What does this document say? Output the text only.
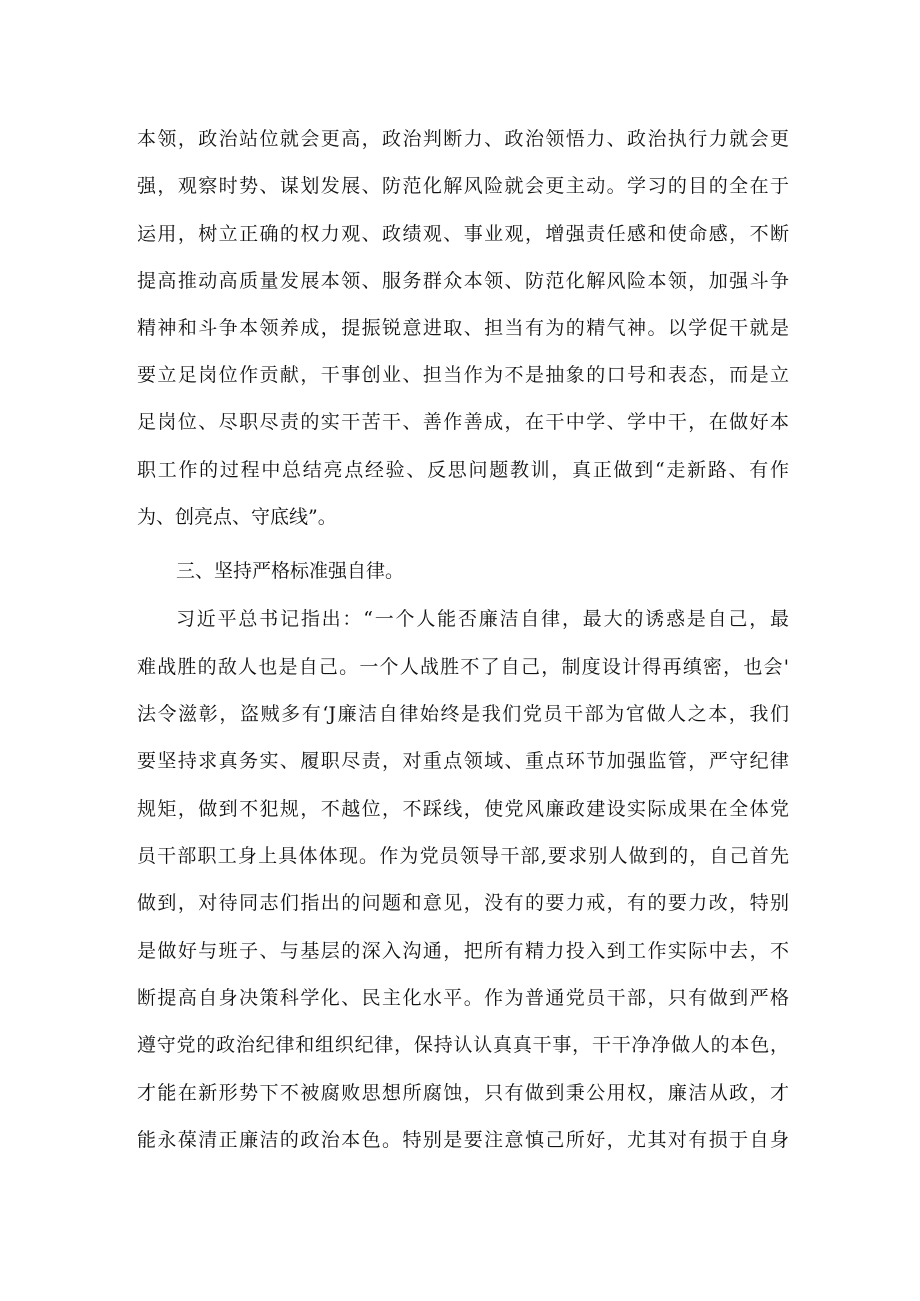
本领，政治站位就会更高，政治判断力、政治领悟力、政治执行力就会更
强，观察时势、谋划发展、防范化解风险就会更主动。学习的目的全在于
运用，树立正确的权力观、政绩观、事业观，增强责任感和使命感，不断
提高推动高质量发展本领、服务群众本领、防范化解风险本领，加强斗争
精神和斗争本领养成，提振锐意进取、担当有为的精气神。以学促干就是
要立足岗位作贡献，干事创业、担当作为不是抽象的口号和表态，而是立
足岗位、尽职尽责的实干苦干、善作善成，在干中学、学中干，在做好本
职工作的过程中总结亮点经验、反思问题教训，真正做到“走新路、有作
为、创亮点、守底线”。
三、坚持严格标准强自律。
习近平总书记指出：“一个人能否廉洁自律，最大的诱惑是自己，最
难战胜的敌人也是自己。一个人战胜不了自己，制度设计得再缜密，也会'
法令滋彰，盗贼多有‘J廉洁自律始终是我们党员干部为官做人之本，我们
要坚持求真务实、履职尽责，对重点领域、重点环节加强监管，严守纪律
规矩，做到不犯规，不越位，不踩线，使党风廉政建设实际成果在全体党
员干部职工身上具体体现。作为党员领导干部,要求别人做到的，自己首先
做到，对待同志们指出的问题和意见，没有的要力戒，有的要力改，特别
是做好与班子、与基层的深入沟通，把所有精力投入到工作实际中去，不
断提高自身决策科学化、民主化水平。作为普通党员干部，只有做到严格
遵守党的政治纪律和组织纪律，保持认认真真干事，干干净净做人的本色，
才能在新形势下不被腐败思想所腐蚀，只有做到秉公用权，廉洁从政，才
能永葆清正廉洁的政治本色。特别是要注意慎己所好，尤其对有损于自身
